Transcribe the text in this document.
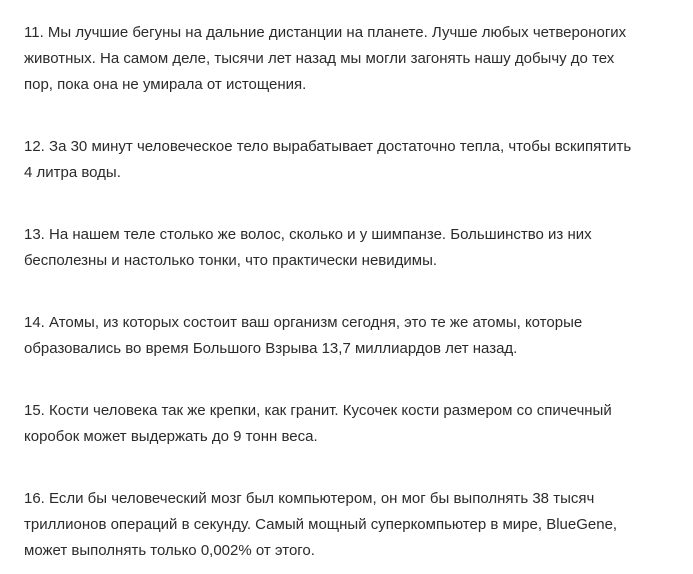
11. Мы лучшие бегуны на дальние дистанции на планете. Лучше любых четвероногих
животных. На самом деле, тысячи лет назад мы могли загонять нашу добычу до тех
пор, пока она не умирала от истощения.

12. За 30 минут человеческое тело вырабатывает достаточно тепла, чтобы вскипятить
4 литра воды.

13. На нашем теле столько же волос, сколько и у шимпанзе. Большинство из них
бесполезны и настолько тонки, что практически невидимы.

14. Атомы, из которых состоит ваш организм сегодня, это те же атомы, которые
образовались во время Большого Взрыва 13,7 миллиардов лет назад.

15. Кости человека так же крепки, как гранит. Кусочек кости размером со спичечный
коробок может выдержать до 9 тонн веса.

16. Если бы человеческий мозг был компьютером, он мог бы выполнять 38 тысяч
триллионов операций в секунду. Самый мощный суперкомпьютер в мире, BlueGene,
может выполнять только 0,002% от этого.
